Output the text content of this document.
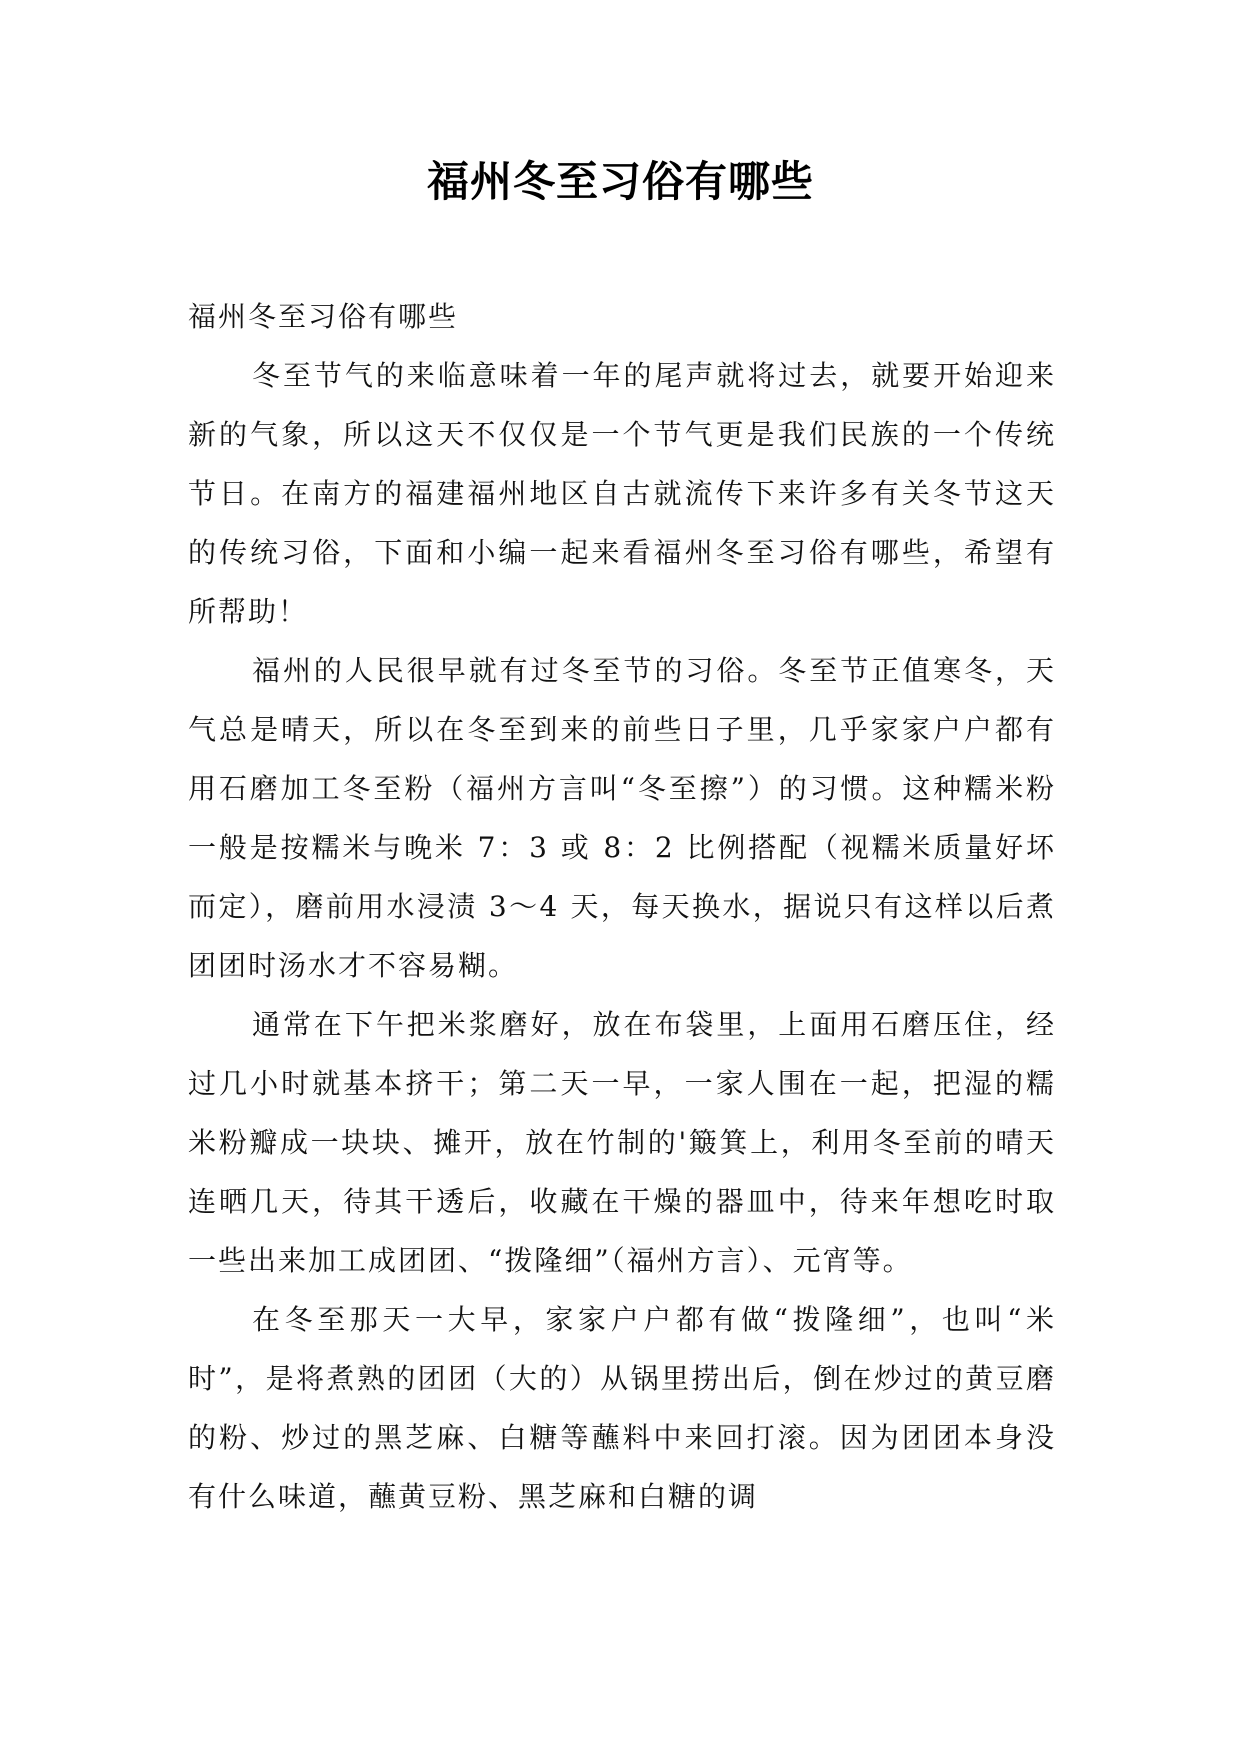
福州冬至习俗有哪些

福州冬至习俗有哪些

冬至节气的来临意味着一年的尾声就将过去，就要开始迎来新的气象，所以这天不仅仅是一个节气更是我们民族的一个传统节日。在南方的福建福州地区自古就流传下来许多有关冬节这天的传统习俗，下面和小编一起来看福州冬至习俗有哪些，希望有所帮助！

福州的人民很早就有过冬至节的习俗。冬至节正值寒冬，天气总是晴天，所以在冬至到来的前些日子里，几乎家家户户都有用石磨加工冬至粉（福州方言叫“冬至擦”）的习惯。这种糯米粉一般是按糯米与晚米 7：3 或 8：2 比例搭配（视糯米质量好坏而定），磨前用水浸渍 3～4 天，每天换水，据说只有这样以后煮团团时汤水才不容易糊。

通常在下午把米浆磨好，放在布袋里，上面用石磨压住，经过几小时就基本挤干；第二天一早，一家人围在一起，把湿的糯米粉瓣成一块块、摊开，放在竹制的'簸箕上，利用冬至前的晴天连晒几天，待其干透后，收藏在干燥的器皿中，待来年想吃时取一些出来加工成团团、“拨隆细”（福州方言）、元宵等。

在冬至那天一大早，家家户户都有做“拨隆细”，也叫“米时”，是将煮熟的团团（大的）从锅里捞出后，倒在炒过的黄豆磨的粉、炒过的黑芝麻、白糖等蘸料中来回打滚。因为团团本身没有什么味道，蘸黄豆粉、黑芝麻和白糖的调
